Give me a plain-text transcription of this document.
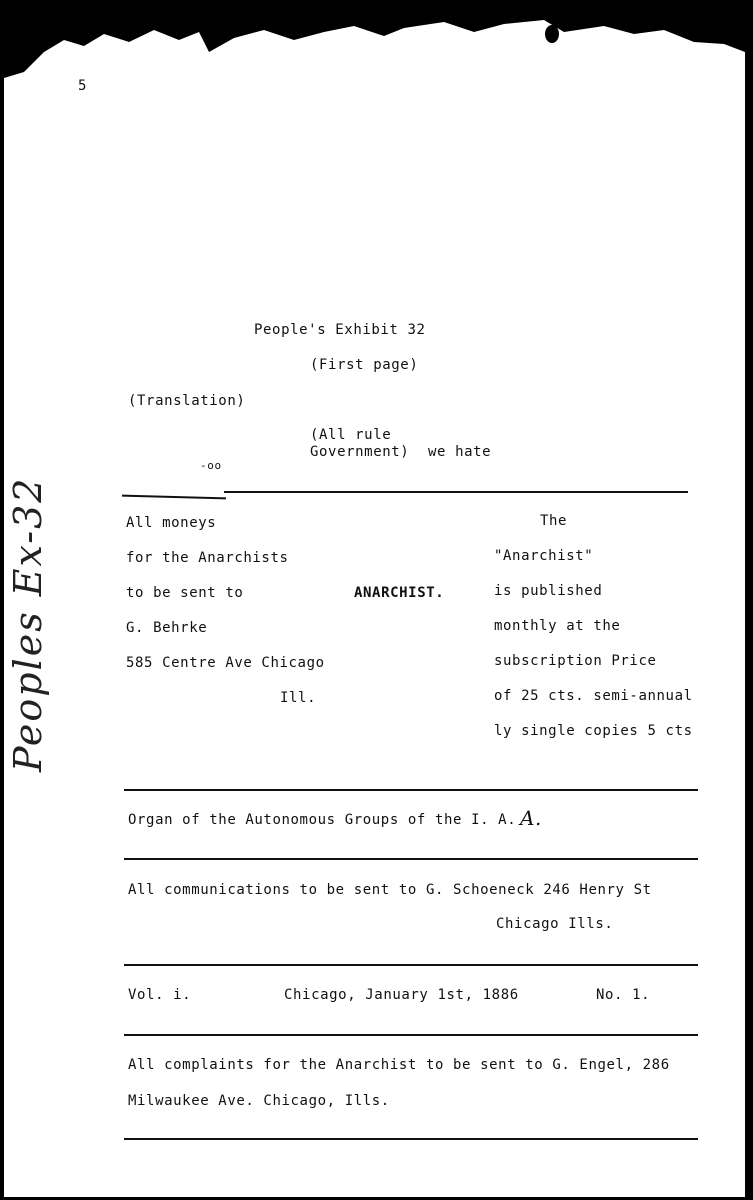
5
People's Exhibit 32
(First page)
(Translation)
(All rule
Government) we hate
-oo
All moneys
for the Anarchists
to be sent to
G. Behrke
585 Centre Ave Chicago
Ill.
ANARCHIST.
The
"Anarchist"
is published
monthly at the
subscription Price
of 25 cts. semi-annual
ly single copies 5 cts
Organ of the Autonomous Groups of the I. A. A.
All communications to be sent to G. Schoeneck 246 Henry St
Chicago Ills.
Vol. i.	Chicago, January 1st, 1886	No. 1.
All complaints for the Anarchist to be sent to G. Engel, 286
Milwaukee Ave. Chicago, Ills.
Peoples Ex-32
